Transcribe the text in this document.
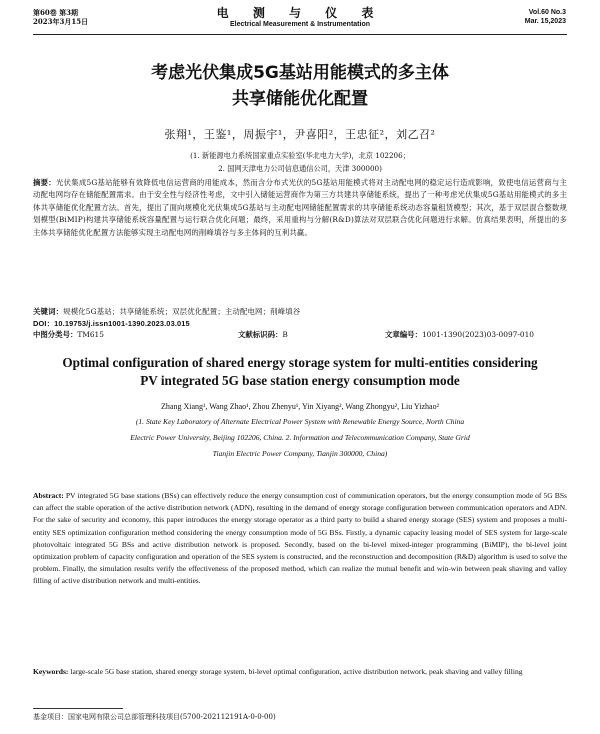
第60卷 第3期
2023年3月15日
电 测 与 仪 表
Electrical Measurement & Instrumentation
Vol.60 No.3
Mar. 15,2023
考虑光伏集成5G基站用能模式的多主体
共享储能优化配置
张翔¹，王鉴¹，周振宇¹，尹喜阳²，王忠征²，刘乙召²
(1. 新能源电力系统国家重点实验室(华北电力大学)，北京 102206；
2. 国网天津电力公司信息通信公司，天津 300000)
摘要：光伏集成5G基站能够有效降低电信运营商的用能成本，然而含分布式光伏的5G基站用能模式将对主动配电网的稳定运行造成影响，致使电信运营商与主动配电网均存在储能配置需求。由于安全性与经济性考虑，文中引入储能运营商作为第三方共建共享储能系统，提出了一种考虑光伏集成5G基站用能模式的多主体共享储能优化配置方法。首先，提出了面向规模化光伏集成5G基站与主动配电网储能配置需求的共享储能系统动态容量租赁模型；其次，基于双层混合整数规划模型(BiMIP)构建共享储能系统容量配置与运行联合优化问题；最终，采用重构与分解(R&D)算法对双层联合优化问题进行求解。仿真结果表明，所提出的多主体共享储能优化配置方法能够实现主动配电网的削峰填谷与多主体间的互利共赢。
关键词：规模化5G基站；共享储能系统；双层优化配置；主动配电网；削峰填谷
DOI：10.19753/j.issn1001-1390.2023.03.015
中图分类号：TM615	文献标识码：B	文章编号：1001-1390(2023)03-0097-010
Optimal configuration of shared energy storage system for multi-entities considering
PV integrated 5G base station energy consumption mode
Zhang Xiang¹, Wang Zhao¹, Zhou Zhenyu¹, Yin Xiyang², Wang Zhongyu², Liu Yizhao²
(1. State Key Laboratory of Alternate Electrical Power System with Renewable Energy Source, North China
Electric Power University, Beijing 102206, China. 2. Information and Telecommunication Company, State Grid
Tianjin Electric Power Company, Tianjin 300000, China)
Abstract: PV integrated 5G base stations (BSs) can effectively reduce the energy consumption cost of communication operators, but the energy consumption mode of 5G BSs can affect the stable operation of the active distribution network (ADN), resulting in the demand of energy storage configuration between communication operators and ADN. For the sake of security and economy, this paper introduces the energy storage operator as a third party to build a shared energy storage (SES) system and proposes a multi-entity SES optimization configuration method considering the energy consumption mode of 5G BSs. Firstly, a dynamic capacity leasing model of SES system for large-scale photovoltaic integrated 5G BSs and active distribution network is proposed. Secondly, based on the bi-level mixed-integer programming (BiMIP), the bi-level joint optimization problem of capacity configuration and operation of the SES system is constructed, and the reconstruction and decomposition (R&D) algorithm is used to solve the problem. Finally, the simulation results verify the effectiveness of the proposed method, which can realize the mutual benefit and win-win between peak shaving and valley filling of active distribution network and multi-entities.
Keywords: large-scale 5G base station, shared energy storage system, bi-level optimal configuration, active distribution network, peak shaving and valley filling
基金项目：国家电网有限公司总部管理科技项目(5700-202112191A-0-0-00)
